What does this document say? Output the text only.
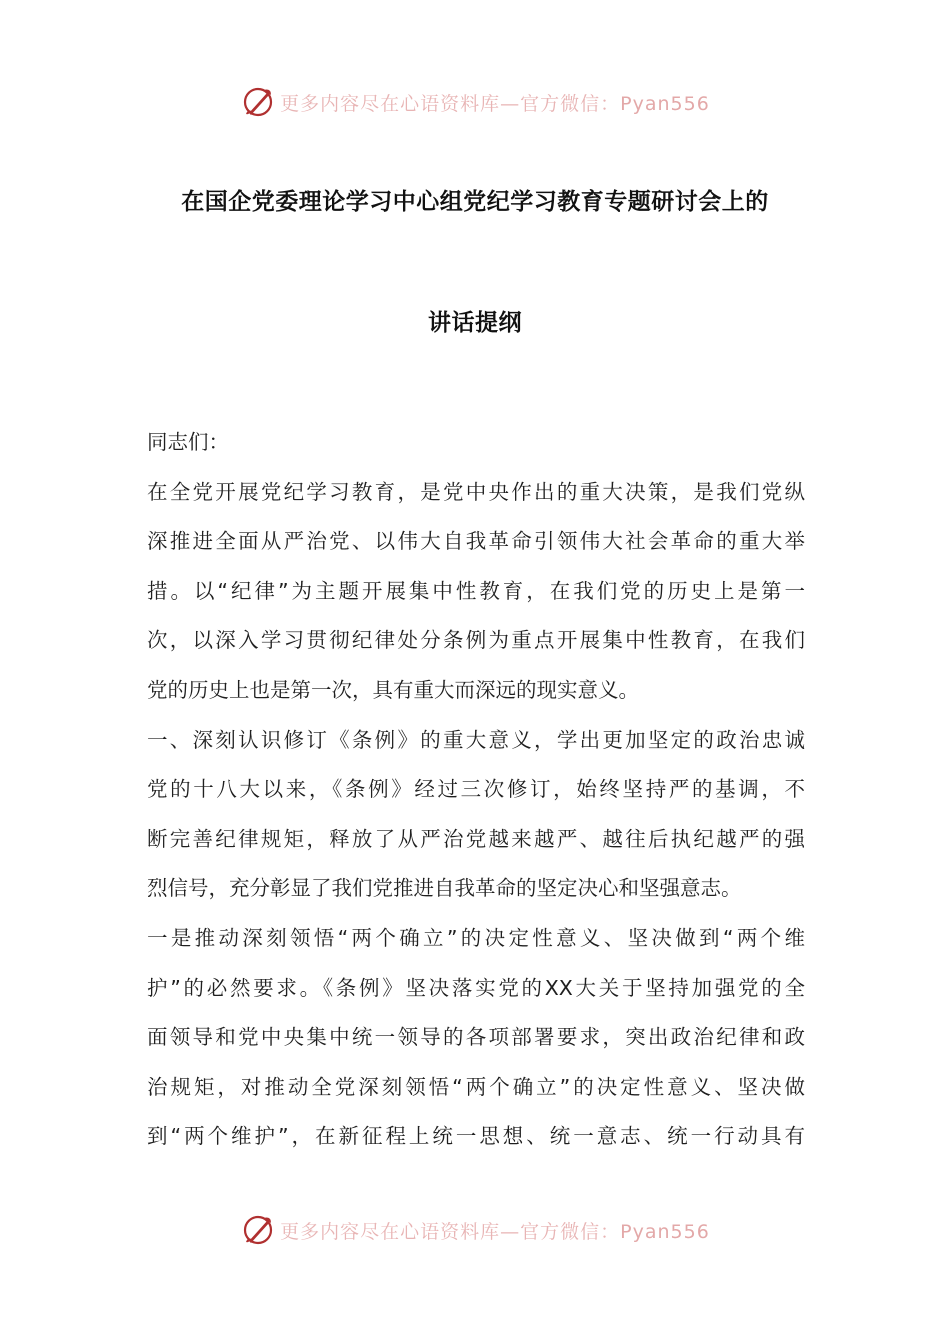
更多内容尽在心语资料库—官方微信：Pyan556
在国企党委理论学习中心组党纪学习教育专题研讨会上的
讲话提纲
同志们：
在全党开展党纪学习教育，是党中央作出的重大决策，是我们党纵
深推进全面从严治党、以伟大自我革命引领伟大社会革命的重大举
措。以“纪律”为主题开展集中性教育，在我们党的历史上是第一
次，以深入学习贯彻纪律处分条例为重点开展集中性教育，在我们
党的历史上也是第一次，具有重大而深远的现实意义。
一、深刻认识修订《条例》的重大意义，学出更加坚定的政治忠诚
党的十八大以来，《条例》经过三次修订，始终坚持严的基调，不
断完善纪律规矩，释放了从严治党越来越严、越往后执纪越严的强
烈信号，充分彰显了我们党推进自我革命的坚定决心和坚强意志。
一是推动深刻领悟“两个确立”的决定性意义、坚决做到“两个维
护”的必然要求。《条例》坚决落实党的XX大关于坚持加强党的全
面领导和党中央集中统一领导的各项部署要求，突出政治纪律和政
治规矩，对推动全党深刻领悟“两个确立”的决定性意义、坚决做
到“两个维护”，在新征程上统一思想、统一意志、统一行动具有
更多内容尽在心语资料库—官方微信：Pyan556
